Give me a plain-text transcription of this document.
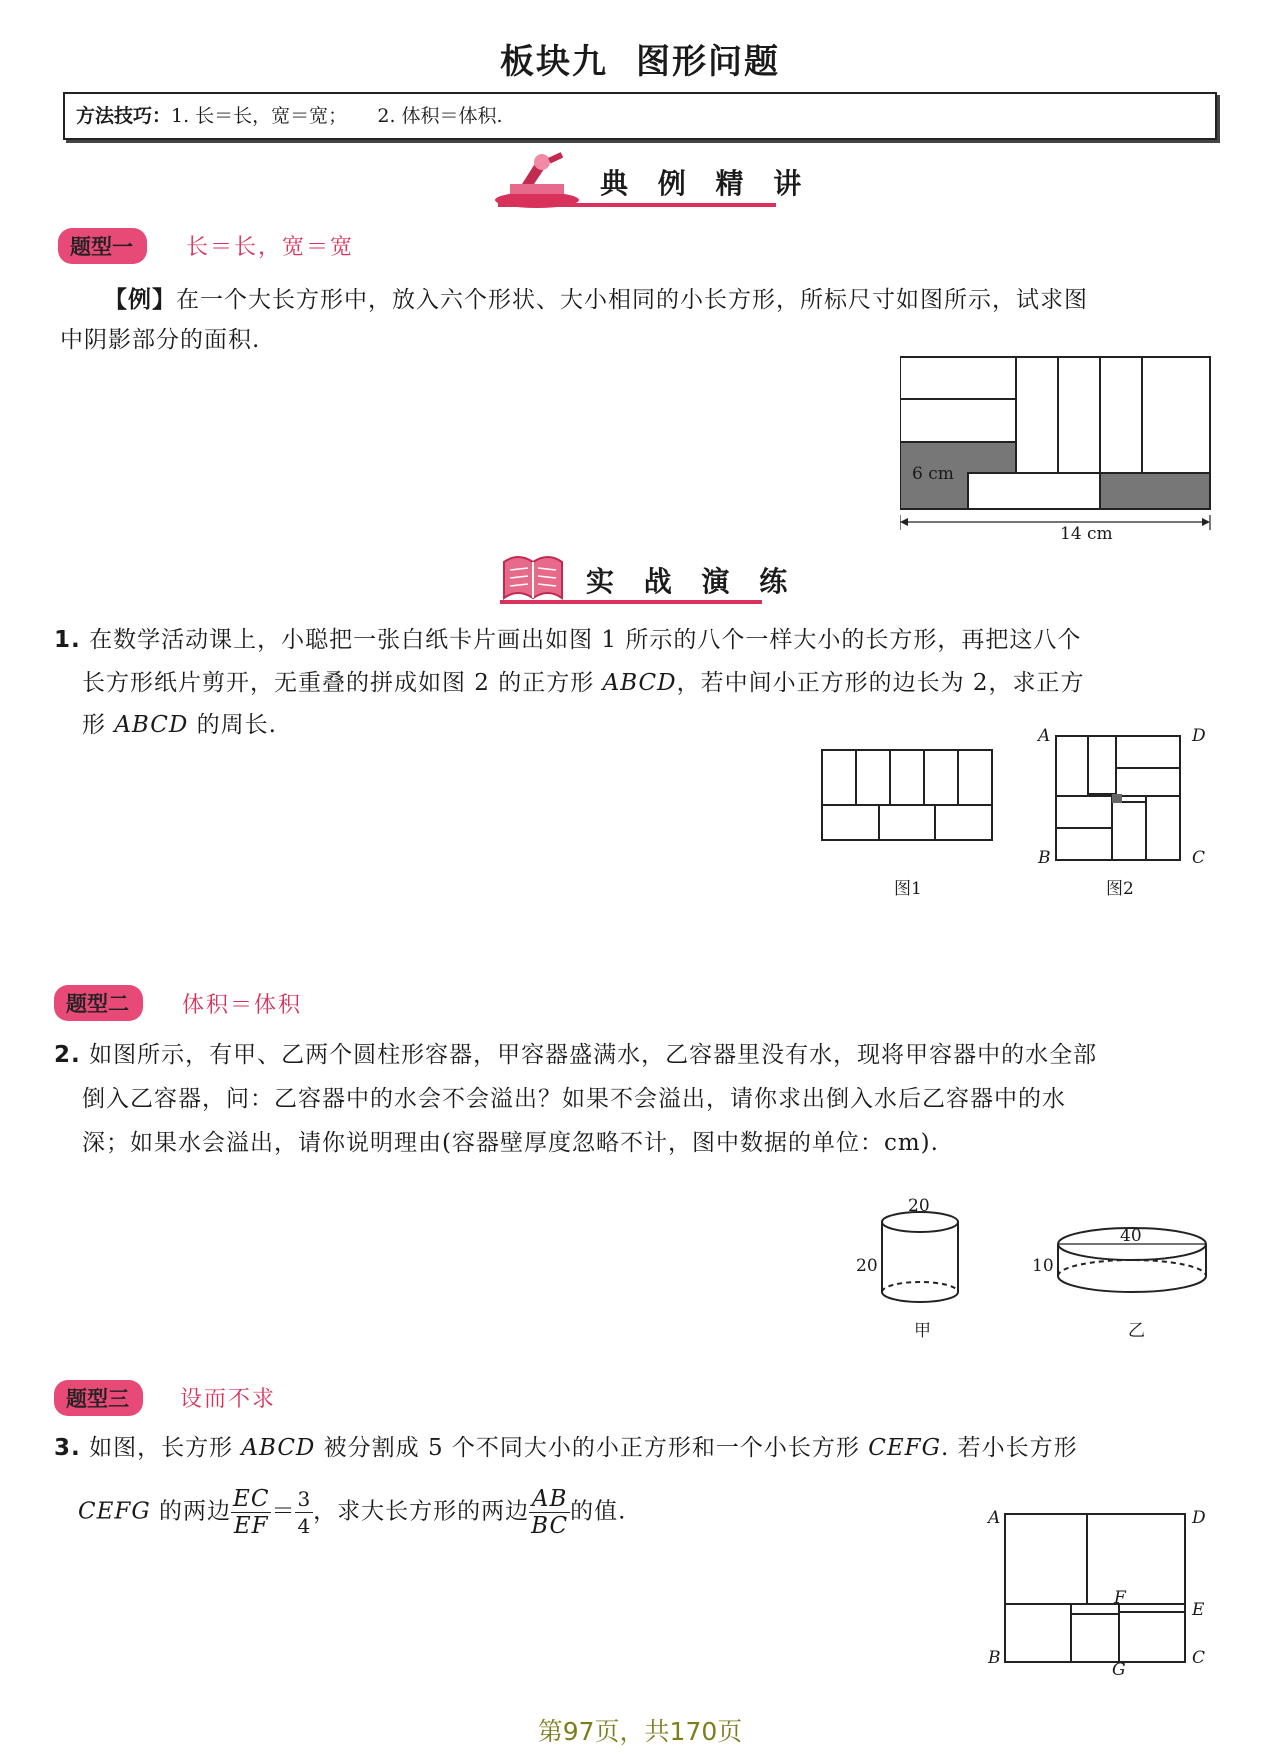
板块九 图形问题
方法技巧：1. 长＝长，宽＝宽； 2. 体积＝体积.
典 例 精 讲
题型一	长＝长，宽＝宽
【例】在一个大长方形中，放入六个形状、大小相同的小长方形，所标尺寸如图所示，试求图
中阴影部分的面积.
6 cm
14 cm
实 战 演 练
1. 在数学活动课上，小聪把一张白纸卡片画出如图 1 所示的八个一样大小的长方形，再把这八个
长方形纸片剪开，无重叠的拼成如图 2 的正方形 ABCD，若中间小正方形的边长为 2，求正方
形 ABCD 的周长.
图1
A	D
B	C
图2
题型二	体积＝体积
2. 如图所示，有甲、乙两个圆柱形容器，甲容器盛满水，乙容器里没有水，现将甲容器中的水全部
倒入乙容器，问：乙容器中的水会不会溢出？如果不会溢出，请你求出倒入水后乙容器中的水
深；如果水会溢出，请你说明理由(容器壁厚度忽略不计，图中数据的单位：cm).
20
20
甲
40
10
乙
题型三	设而不求
3. 如图，长方形 ABCD 被分割成 5 个不同大小的小正方形和一个小长方形 CEFG. 若小长方形
CEFG 的两边 $\frac{EC}{EF} = \frac{3}{4}$ ，求大长方形的两边 $\frac{AB}{BC}$ 的值.	A	D
F
E
B	C
G
第97页，共170页
